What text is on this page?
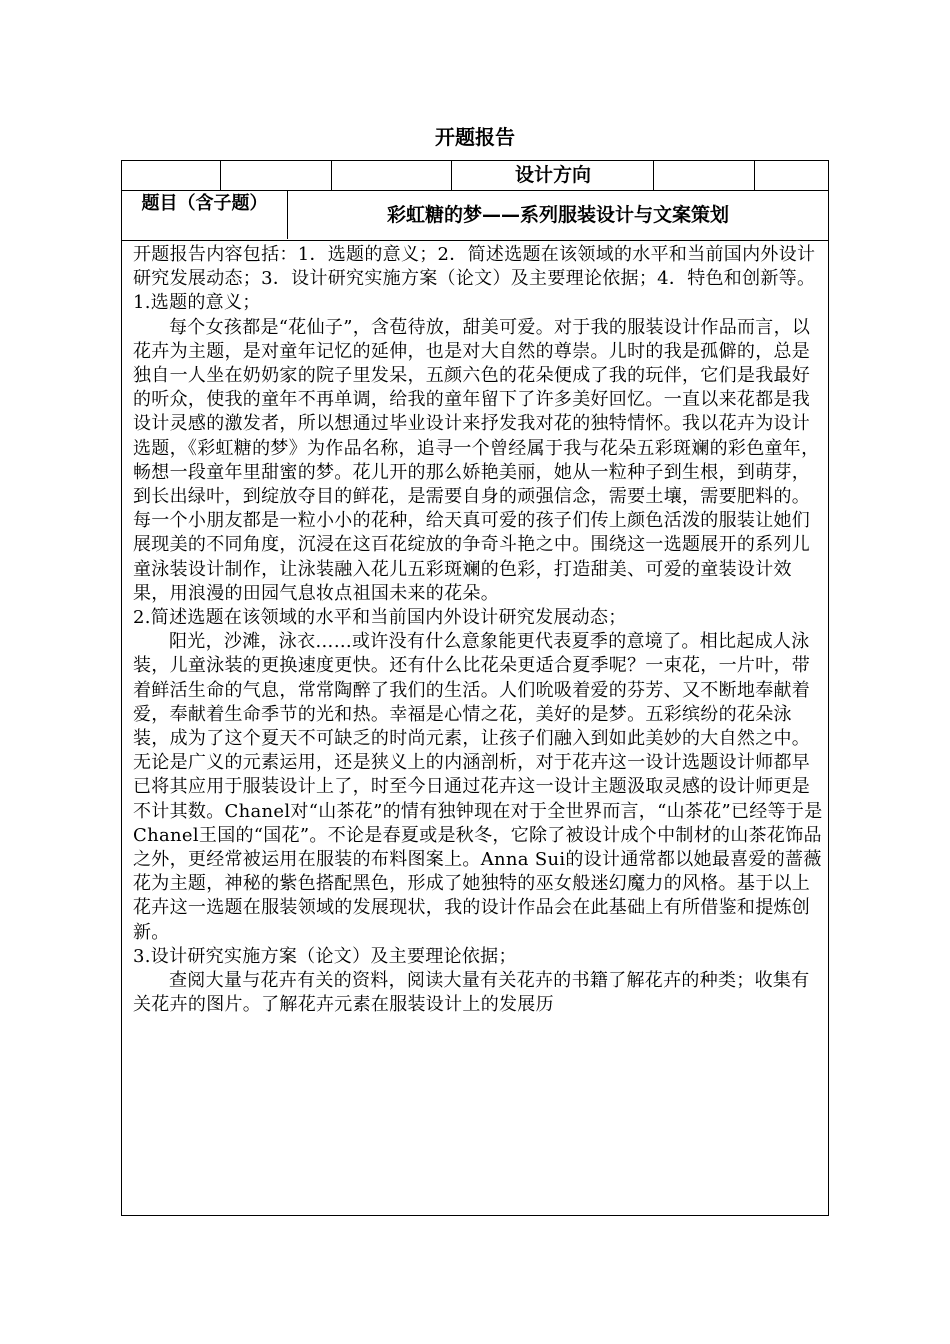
开题报告
设计方向
题目（含子题）
彩虹糖的梦——系列服装设计与文案策划

开题报告内容包括：1．选题的意义；2．简述选题在该领域的水平和当前国内外设计研究发展动态；3．设计研究实施方案（论文）及主要理论依据；4．特色和创新等。

1.选题的意义；

每个女孩都是“花仙子”，含苞待放，甜美可爱。对于我的服装设计作品而言，以花卉为主题，是对童年记忆的延伸，也是对大自然的尊崇。儿时的我是孤僻的，总是独自一人坐在奶奶家的院子里发呆，五颜六色的花朵便成了我的玩伴，它们是我最好的听众，使我的童年不再单调，给我的童年留下了许多美好回忆。一直以来花都是我设计灵感的激发者，所以想通过毕业设计来抒发我对花的独特情怀。我以花卉为设计选题，《彩虹糖的梦》为作品名称，追寻一个曾经属于我与花朵五彩斑斓的彩色童年，畅想一段童年里甜蜜的梦。花儿开的那么娇艳美丽，她从一粒种子到生根，到萌芽，到长出绿叶，到绽放夺目的鲜花，是需要自身的顽强信念，需要土壤，需要肥料的。每一个小朋友都是一粒小小的花种，给天真可爱的孩子们传上颜色活泼的服装让她们展现美的不同角度，沉浸在这百花绽放的争奇斗艳之中。围绕这一选题展开的系列儿童泳装设计制作，让泳装融入花儿五彩斑斓的色彩，打造甜美、可爱的童装设计效果，用浪漫的田园气息妆点祖国未来的花朵。

2.简述选题在该领域的水平和当前国内外设计研究发展动态；

阳光，沙滩，泳衣……或许没有什么意象能更代表夏季的意境了。相比起成人泳装，儿童泳装的更换速度更快。还有什么比花朵更适合夏季呢？一束花，一片叶，带着鲜活生命的气息，常常陶醉了我们的生活。人们吮吸着爱的芬芳、又不断地奉献着爱，奉献着生命季节的光和热。幸福是心情之花，美好的是梦。五彩缤纷的花朵泳装，成为了这个夏天不可缺乏的时尚元素，让孩子们融入到如此美妙的大自然之中。无论是广义的元素运用，还是狭义上的内涵剖析，对于花卉这一设计选题设计师都早已将其应用于服装设计上了，时至今日通过花卉这一设计主题汲取灵感的设计师更是不计其数。Chanel对“山茶花”的情有独钟现在对于全世界而言，“山茶花”已经等于是Chanel王国的“国花”。不论是春夏或是秋冬，它除了被设计成个中制材的山茶花饰品之外，更经常被运用在服装的布料图案上。Anna Sui的设计通常都以她最喜爱的蔷薇花为主题，神秘的紫色搭配黑色，形成了她独特的巫女般迷幻魔力的风格。基于以上花卉这一选题在服装领域的发展现状，我的设计作品会在此基础上有所借鉴和提炼创新。

3.设计研究实施方案（论文）及主要理论依据；

查阅大量与花卉有关的资料，阅读大量有关花卉的书籍了解花卉的种类；收集有关花卉的图片。了解花卉元素在服装设计上的发展历
